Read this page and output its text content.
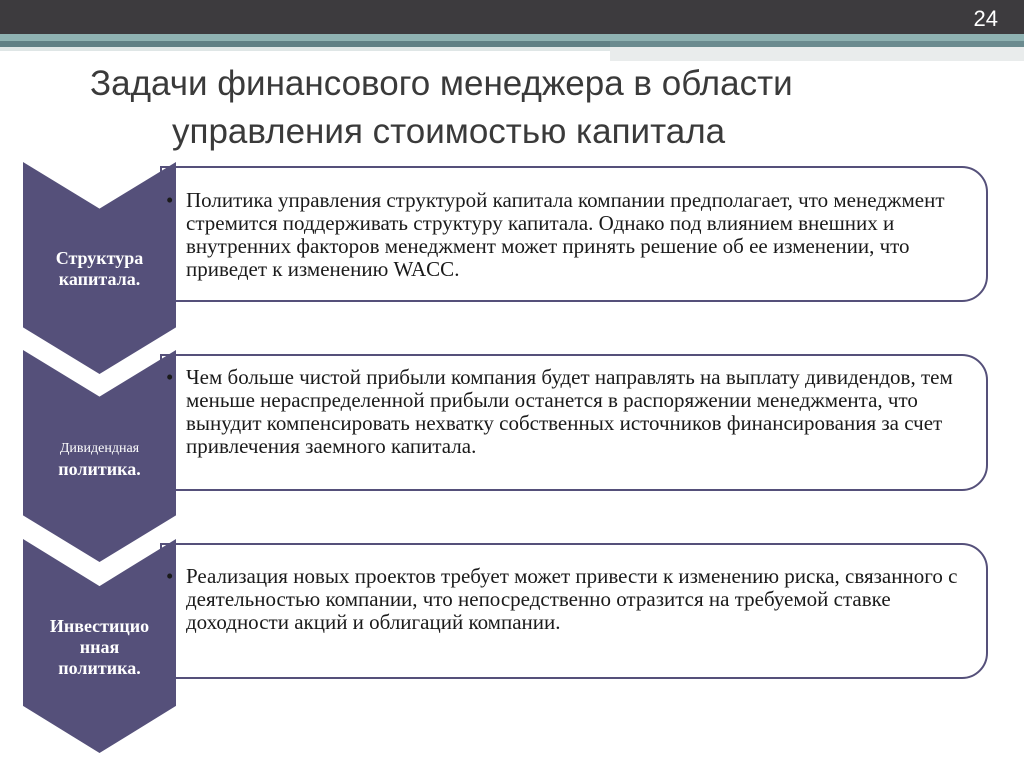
24
Задачи финансового менеджера в области
управления стоимостью капитала
Структура
капитала.
• Политика управления структурой капитала компании предполагает, что менеджмент стремится поддерживать структуру капитала. Однако под влиянием внешних и внутренних факторов менеджмент может принять решение об ее изменении, что приведет к изменению WACC.
Дивидендная
политика.
• Чем больше чистой прибыли компания будет направлять на выплату дивидендов, тем меньше нераспределенной прибыли останется в распоряжении менеджмента, что вынудит компенсировать нехватку собственных источников финансирования за счет привлечения заемного капитала.
Инвестицио
нная
политика.
• Реализация новых проектов требует может привести к изменению риска, связанного с деятельностью компании, что непосредственно отразится на требуемой ставке доходности акций и облигаций компании.
